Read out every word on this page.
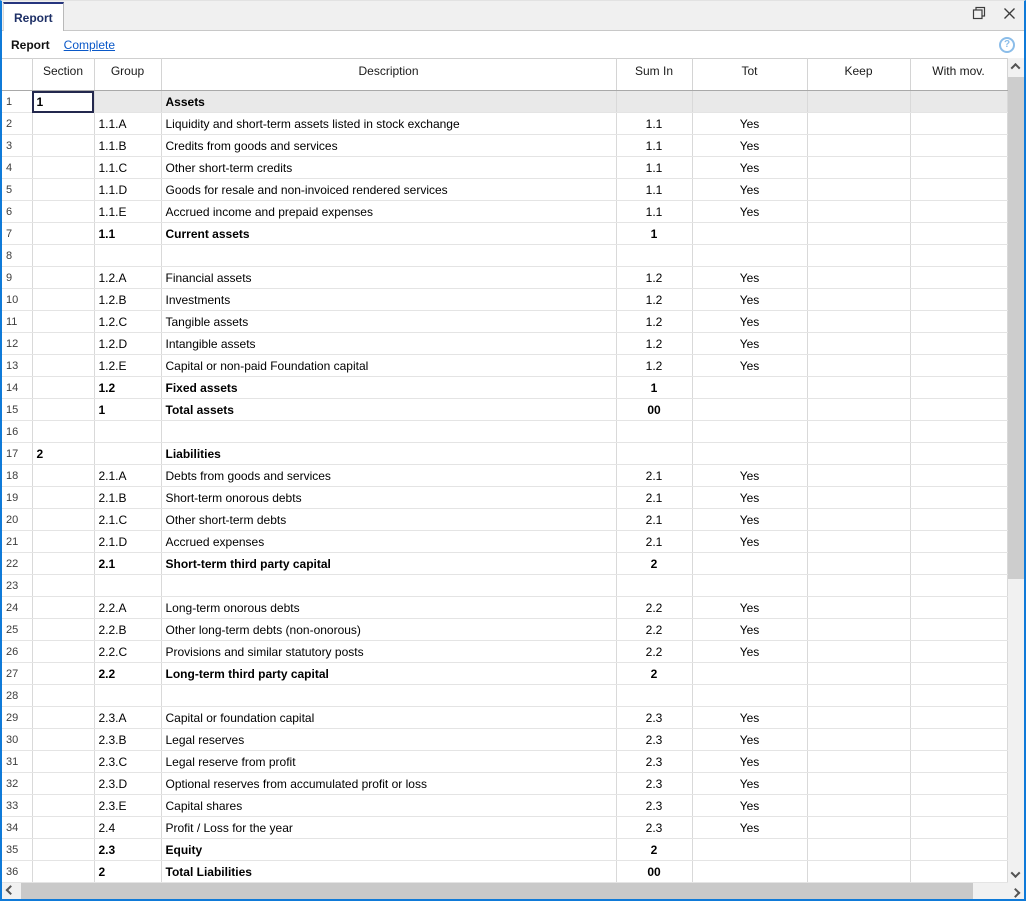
Report
Report Complete	?
	Section	Group	Description	Sum In	Tot	Keep	With mov.
1	1		Assets				
2		1.1.A	Liquidity and short-term assets listed in stock exchange	1.1	Yes		
3		1.1.B	Credits from goods and services	1.1	Yes		
4		1.1.C	Other short-term credits	1.1	Yes		
5		1.1.D	Goods for resale and non-invoiced rendered services	1.1	Yes		
6		1.1.E	Accrued income and prepaid expenses	1.1	Yes		
7		1.1	Current assets	1			
8							
9		1.2.A	Financial assets	1.2	Yes		
10		1.2.B	Investments	1.2	Yes		
11		1.2.C	Tangible assets	1.2	Yes		
12		1.2.D	Intangible assets	1.2	Yes		
13		1.2.E	Capital or non-paid Foundation capital	1.2	Yes		
14		1.2	Fixed assets	1			
15		1	Total assets	00			
16							
17	2		Liabilities				
18		2.1.A	Debts from goods and services	2.1	Yes		
19		2.1.B	Short-term onorous debts	2.1	Yes		
20		2.1.C	Other short-term debts	2.1	Yes		
21		2.1.D	Accrued expenses	2.1	Yes		
22		2.1	Short-term third party capital	2			
23							
24		2.2.A	Long-term onorous debts	2.2	Yes		
25		2.2.B	Other long-term debts (non-onorous)	2.2	Yes		
26		2.2.C	Provisions and similar statutory posts	2.2	Yes		
27		2.2	Long-term third party capital	2			
28							
29		2.3.A	Capital or foundation capital	2.3	Yes		
30		2.3.B	Legal reserves	2.3	Yes		
31		2.3.C	Legal reserve from profit	2.3	Yes		
32		2.3.D	Optional reserves from accumulated profit or loss	2.3	Yes		
33		2.3.E	Capital shares	2.3	Yes		
34		2.4	Profit / Loss for the year	2.3	Yes		
35		2.3	Equity	2			
36		2	Total Liabilities	00			
